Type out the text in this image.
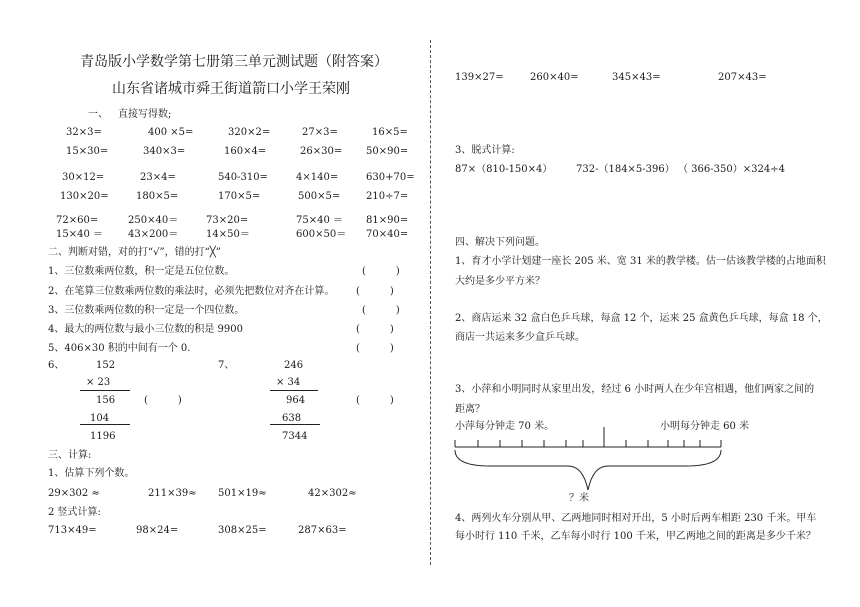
青岛版小学数学第七册第三单元测试题（附答案）
山东省诸城市舜王街道箭口小学王荣刚
一、 直接写得数;
32×3=	400 ×5=	320×2=	27×3=	16×5=
15×30=	340×3=	160×4=	26×30= 50×90=
30×12=	23×4=	540-310=	4×140=	630+70=
130×20=	180×5=	170×5=	500×5=	210÷7=
72×60=	250×40＝	73×20=	75×40 ＝ 81×90=
15×40 ＝ 43×200＝	14×50＝	600×50＝ 70×40=
二、判断对错，对的打“√”，错的打“╳”
1、三位数乘两位数，积一定是五位位数。	(　　　)
2、在笔算三位数乘两位数的乘法时，必须先把数位对齐在计算。 (　　　)
3、三位数乘两位数的积一定是一个四位数。	(　　　)
4、最大的两位数与最小三位数的积是 9900	(　　　)
5、406×30 积的中间有一个 0.	(　　　)
6、	152
× 23
156	(　　　)
104
1196
7、	246
× 34
964	(　　　)
638
7344
三、计算:
1、估算下列个数。
29×302 ≈	211×39≈ 501×19≈	42×302≈
2 竖式计算:
713×49=	98×24=	308×25=	287×63=
139×27=	260×40=	345×43=	207×43=
3、脱式计算:
87×（810-150×4） 732-（184×5-396） （ 366-350）×324÷4
四、解决下列问题。
1、育才小学计划建一座长 205 米、宽 31 米的教学楼。估一估该教学楼的占地面积
大约是多少平方米？
2、商店运来 32 盒白色乒乓球，每盒 12 个，运来 25 盒黄色乒乓球，每盒 18 个，
商店一共运来多少盒乒乓球。
3、小萍和小明同时从家里出发，经过 6 小时两人在少年宫相遇，他们两家之间的
距离？
小萍每分钟走 70 米。	小明每分钟走 60 米
？米
4、两列火车分别从甲、乙两地同时相对开出，5 小时后两车相距 230 千米。甲车
每小时行 110 千米，乙车每小时行 100 千米，甲乙两地之间的距离是多少千米？
